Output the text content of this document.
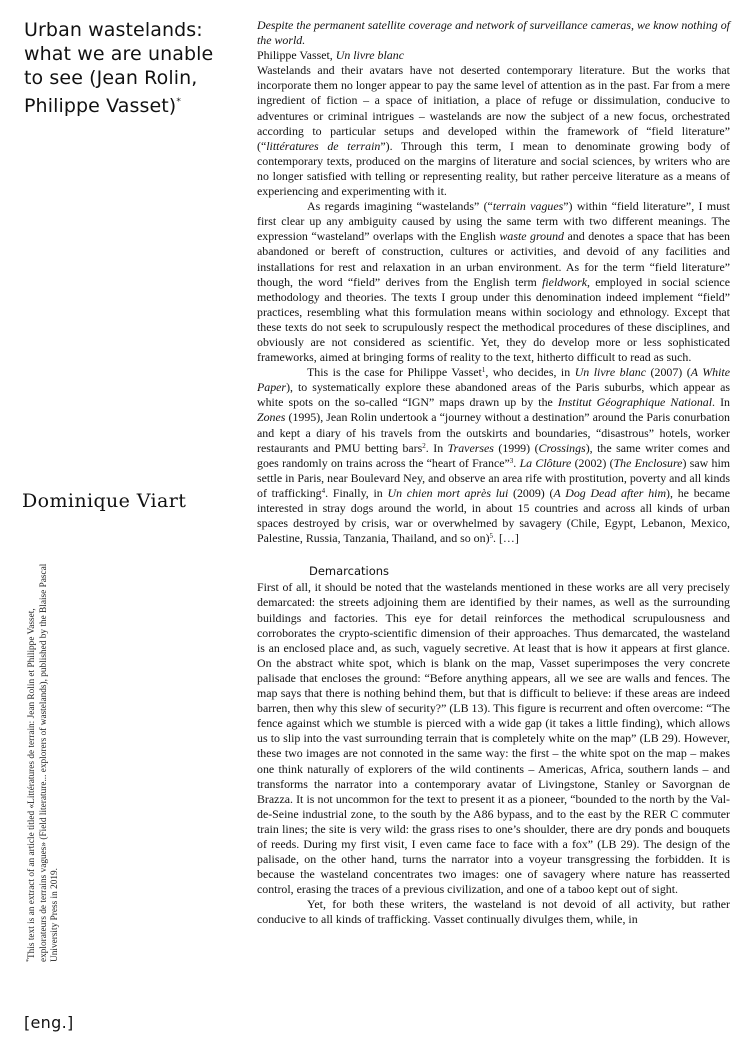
Urban wastelands: what we are unable to see (Jean Rolin, Philippe Vasset)*
Dominique Viart
*This text is an extract of an article titled «Littératures de terrain: Jean Rolin et Philippe Vasset, explorateurs de terrains vagues» (Field literature... explorers of wastelands), published by the Blaise Pascal University Press in 2019.
[eng.]

Despite the permanent satellite coverage and network of surveillance cameras, we know nothing of the world.

Philippe Vasset, Un livre blanc

Wastelands and their avatars have not deserted contemporary literature. But the works that incorporate them no longer appear to pay the same level of attention as in the past. Far from a mere ingredient of fiction – a space of initiation, a place of refuge or dissimulation, conducive to adventures or criminal intrigues – wastelands are now the subject of a new focus, orchestrated according to particular setups and developed within the framework of “field literature” (“littératures de terrain”). Through this term, I mean to denominate growing body of contemporary texts, produced on the margins of literature and social sciences, by writers who are no longer satisfied with telling or representing reality, but rather perceive literature as a means of experiencing and experimenting with it.

As regards imagining “wastelands” (“terrain vagues”) within “field literature”, I must first clear up any ambiguity caused by using the same term with two different meanings. The expression “wasteland” overlaps with the English waste ground and denotes a space that has been abandoned or bereft of construction, cultures or activities, and devoid of any facilities and installations for rest and relaxation in an urban environment. As for the term “field literature” though, the word “field” derives from the English term fieldwork, employed in social science methodology and theories. The texts I group under this denomination indeed implement “field” practices, resembling what this formulation means within sociology and ethnology. Except that these texts do not seek to scrupulously respect the methodical procedures of these disciplines, and obviously are not considered as scientific. Yet, they do develop more or less sophisticated frameworks, aimed at bringing forms of reality to the text, hitherto difficult to read as such.

This is the case for Philippe Vasset$^1$, who decides, in Un livre blanc (2007) (A White Paper), to systematically explore these abandoned areas of the Paris suburbs, which appear as white spots on the so-called “IGN” maps drawn up by the Institut Géographique National. In Zones (1995), Jean Rolin undertook a “journey without a destination” around the Paris conurbation and kept a diary of his travels from the outskirts and boundaries, “disastrous” hotels, worker restaurants and PMU betting bars$^2$. In Traverses (1999) (Crossings), the same writer comes and goes randomly on trains across the “heart of France”$^3$. La Clôture (2002) (The Enclosure) saw him settle in Paris, near Boulevard Ney, and observe an area rife with prostitution, poverty and all kinds of trafficking$^4$. Finally, in Un chien mort après lui (2009) (A Dog Dead after him), he became interested in stray dogs around the world, in about 15 countries and across all kinds of urban spaces destroyed by crisis, war or overwhelmed by savagery (Chile, Egypt, Lebanon, Mexico, Palestine, Russia, Tanzania, Thailand, and so on)$^5$. […]

Demarcations

First of all, it should be noted that the wastelands mentioned in these works are all very precisely demarcated: the streets adjoining them are identified by their names, as well as the surrounding buildings and factories. This eye for detail reinforces the methodical scrupulousness and corroborates the crypto-scientific dimension of their approaches. Thus demarcated, the wasteland is an enclosed place and, as such, vaguely secretive. At least that is how it appears at first glance. On the abstract white spot, which is blank on the map, Vasset superimposes the very concrete palisade that encloses the ground: “Before anything appears, all we see are walls and fences. The map says that there is nothing behind them, but that is difficult to believe: if these areas are indeed barren, then why this slew of security?” (LB 13). This figure is recurrent and often overcome: “The fence against which we stumble is pierced with a wide gap (it takes a little finding), which allows us to slip into the vast surrounding terrain that is completely white on the map” (LB 29). However, these two images are not connoted in the same way: the first – the white spot on the map – makes one think naturally of explorers of the wild continents – Americas, Africa, southern lands – and transforms the narrator into a contemporary avatar of Livingstone, Stanley or Savorgnan de Brazza. It is not uncommon for the text to present it as a pioneer, “bounded to the north by the Val-de-Seine industrial zone, to the south by the A86 bypass, and to the east by the RER C commuter train lines; the site is very wild: the grass rises to one’s shoulder, there are dry ponds and bouquets of reeds. During my first visit, I even came face to face with a fox” (LB 29). The design of the palisade, on the other hand, turns the narrator into a voyeur transgressing the forbidden. It is because the wasteland concentrates two images: one of savagery where nature has reasserted control, erasing the traces of a previous civilization, and one of a taboo kept out of sight.

Yet, for both these writers, the wasteland is not devoid of all activity, but rather conducive to all kinds of trafficking. Vasset continually divulges them, while, in
